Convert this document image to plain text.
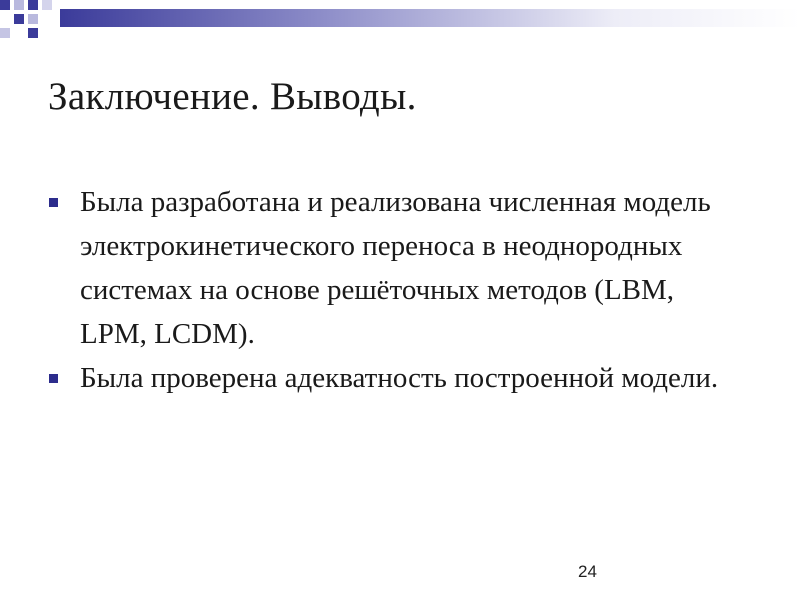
Заключение. Выводы.
Была разработана и реализована численная модель электрокинетического переноса в неоднородных системах на основе решёточных методов (LBM, LPM, LCDM).
Была проверена адекватность построенной модели.
24
